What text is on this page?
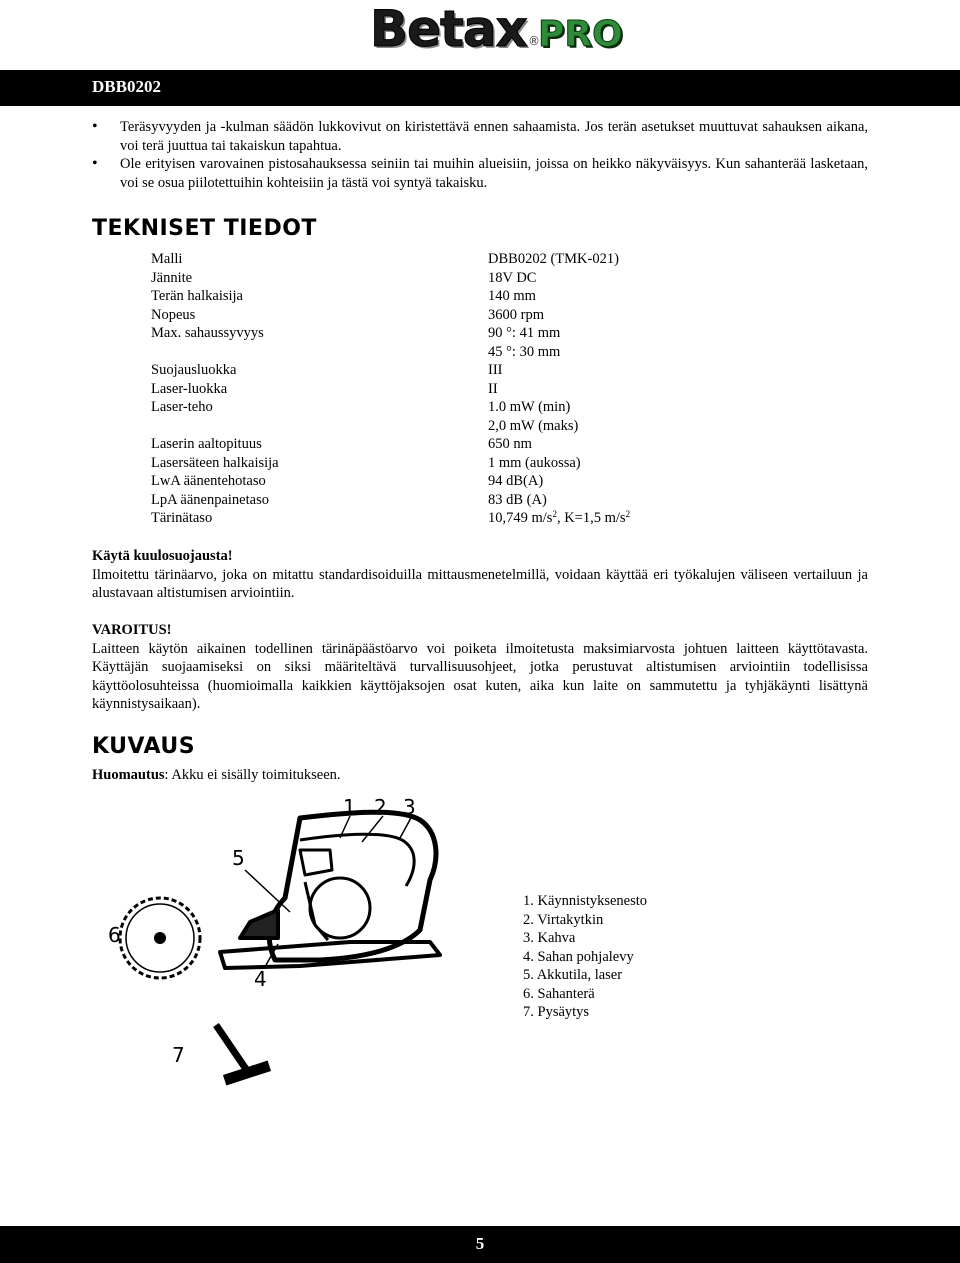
Betax ®
PRO
DBB0202
• Teräsyvyyden ja -kulman säädön lukkovivut on kiristettävä ennen sahaamista. Jos terän asetukset muuttuvat sahauksen aikana, voi terä juuttua tai takaiskun tapahtua.
• Ole erityisen varovainen pistosahauksessa seiniin tai muihin alueisiin, joissa on heikko näkyväisyys. Kun sahanterää lasketaan, voi se osua piilotettuihin kohteisiin ja tästä voi syntyä takaisku.
TEKNISET TIEDOT
Malli	DBB0202 (TMK-021)
Jännite	18V DC
Terän halkaisija	140 mm
Nopeus	3600 rpm
Max. sahaussyvyys	90 °: 41 mm
	45 °: 30 mm
Suojausluokka	III
Laser-luokka	II
Laser-teho	1.0 mW (min)
	2,0 mW (maks)
Laserin aaltopituus	650 nm
Lasersäteen halkaisija	1 mm (aukossa)
LwA äänentehotaso	94 dB(A)
LpA äänenpainetaso	83 dB (A)
Tärinätaso	10,749 $m/s^2$, K=1,5 $m/s^2$
Käytä kuulosuojausta!
Ilmoitettu tärinäarvo, joka on mitattu standardisoiduilla mittausmenetelmillä, voidaan käyttää eri työkalujen väliseen vertailuun ja alustavaan altistumisen arviointiin.
VAROITUS!
Laitteen käytön aikainen todellinen tärinäpäästöarvo voi poiketa ilmoitetusta maksimiarvosta johtuen laitteen käyttötavasta. Käyttäjän suojaamiseksi on siksi määriteltävä turvallisuusohjeet, jotka perustuvat altistumisen arviointiin todellisissa käyttöolosuhteissa (huomioimalla kaikkien käyttöjaksojen osat kuten, aika kun laite on sammutettu ja tyhjäkäynti lisättynä käynnistysaikaan).
KUVAUS
Huomautus: Akku ei sisälly toimitukseen.
1 2 3
4
5
6
7
1. Käynnistyksenesto
2. Virtakytkin
3. Kahva
4. Sahan pohjalevy
5. Akkutila, laser
6. Sahanterä
7. Pysäytys
5
